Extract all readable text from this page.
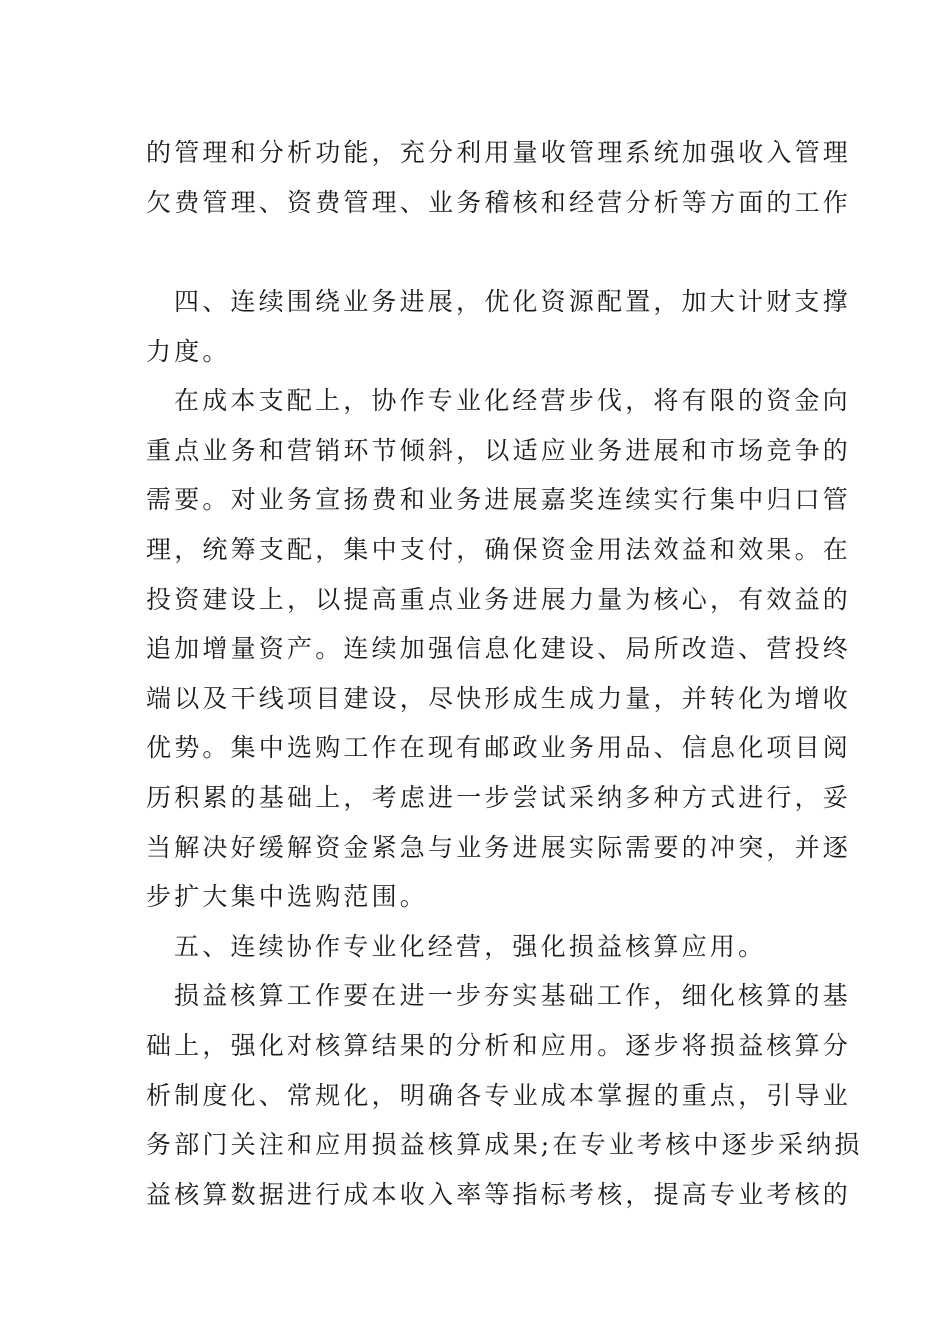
的管理和分析功能，充分利用量收管理系统加强收入管理
欠费管理、资费管理、业务稽核和经营分析等方面的工作
四、连续围绕业务进展，优化资源配置，加大计财支撑
力度。
在成本支配上，协作专业化经营步伐，将有限的资金向
重点业务和营销环节倾斜，以适应业务进展和市场竞争的
需要。对业务宣扬费和业务进展嘉奖连续实行集中归口管
理，统筹支配，集中支付，确保资金用法效益和效果。在
投资建设上，以提高重点业务进展力量为核心，有效益的
追加增量资产。连续加强信息化建设、局所改造、营投终
端以及干线项目建设，尽快形成生成力量，并转化为增收
优势。集中选购工作在现有邮政业务用品、信息化项目阅
历积累的基础上，考虑进一步尝试采纳多种方式进行，妥
当解决好缓解资金紧急与业务进展实际需要的冲突，并逐
步扩大集中选购范围。
五、连续协作专业化经营，强化损益核算应用。
损益核算工作要在进一步夯实基础工作，细化核算的基
础上，强化对核算结果的分析和应用。逐步将损益核算分
析制度化、常规化，明确各专业成本掌握的重点，引导业
务部门关注和应用损益核算成果;在专业考核中逐步采纳损
益核算数据进行成本收入率等指标考核，提高专业考核的
